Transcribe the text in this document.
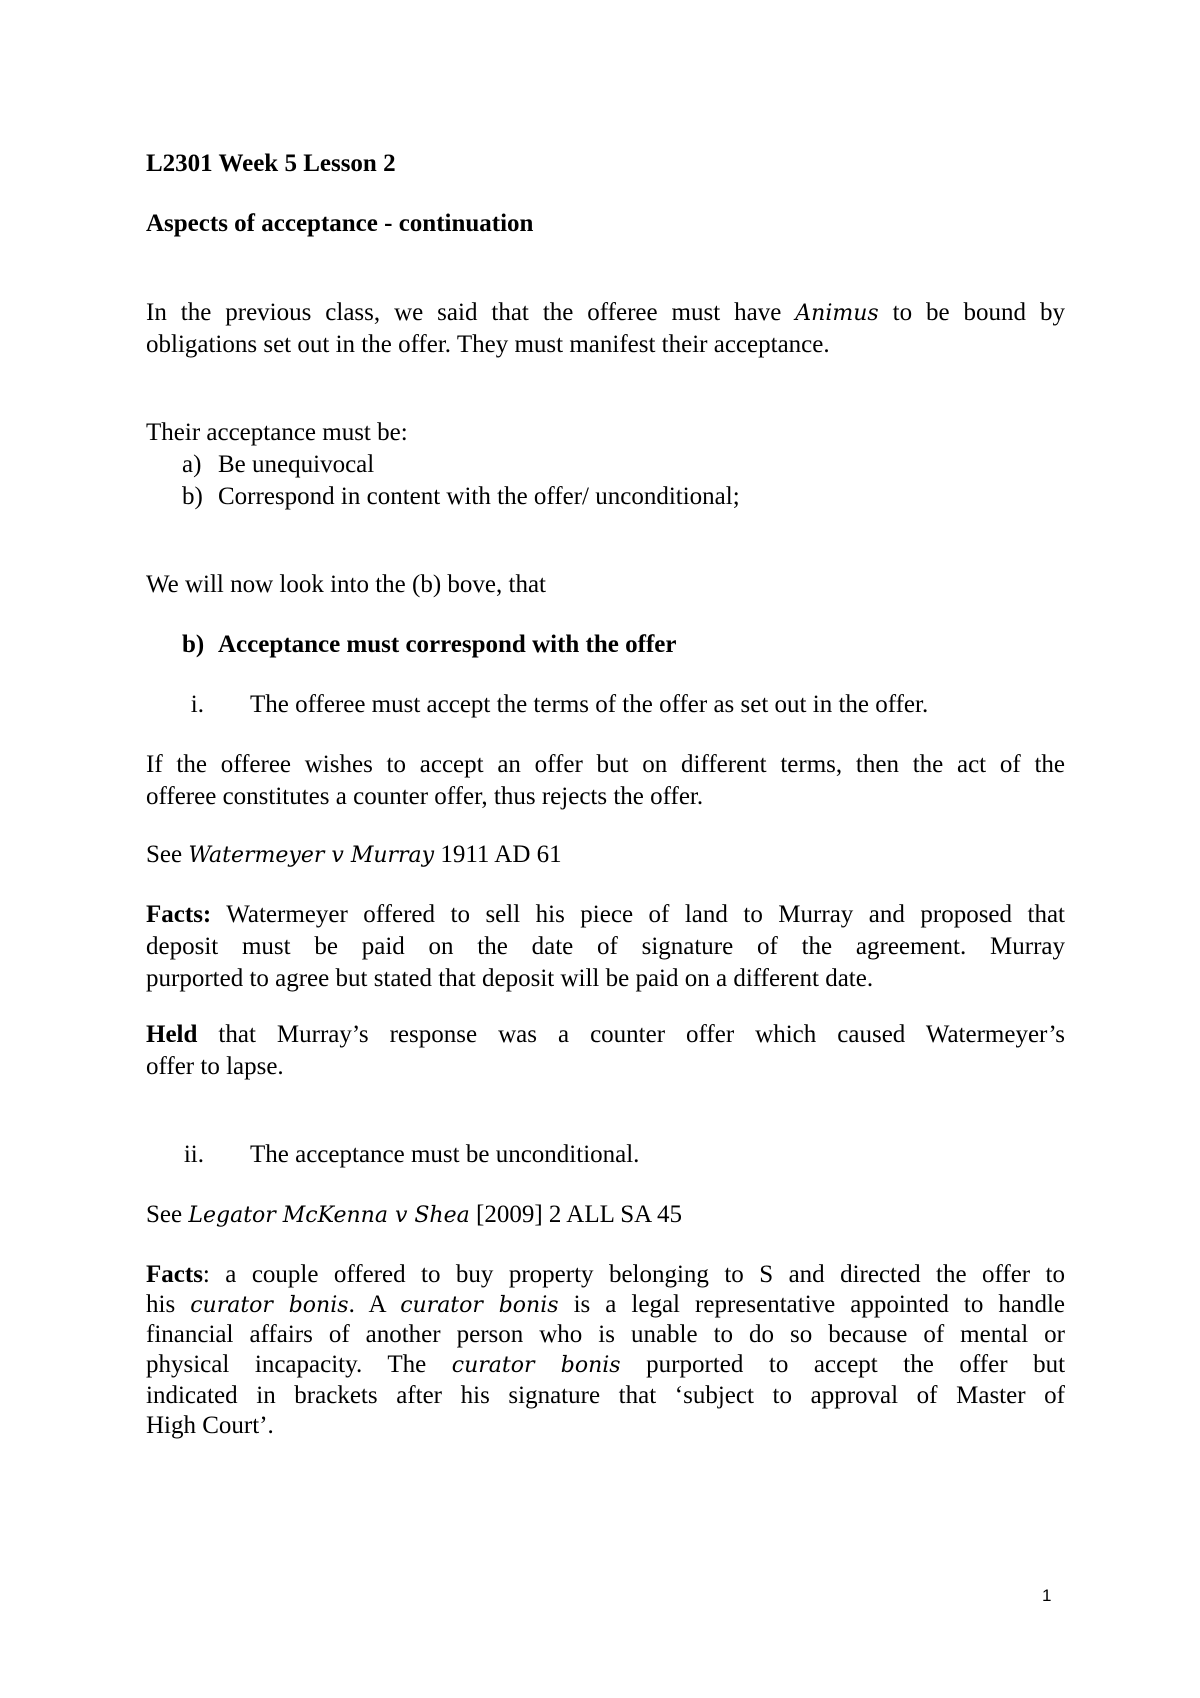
L2301 Week 5 Lesson 2
Aspects of acceptance - continuation
In the previous class, we said that the offeree must have Animus to be bound by
obligations set out in the offer. They must manifest their acceptance.
Their acceptance must be:
a) Be unequivocal
b) Correspond in content with the offer/ unconditional;
We will now look into the (b) bove, that
b) Acceptance must correspond with the offer
i. The offeree must accept the terms of the offer as set out in the offer.
If the offeree wishes to accept an offer but on different terms, then the act of the
offeree constitutes a counter offer, thus rejects the offer.
See Watermeyer v Murray 1911 AD 61
Facts: Watermeyer offered to sell his piece of land to Murray and proposed that
deposit must be paid on the date of signature of the agreement. Murray
purported to agree but stated that deposit will be paid on a different date.
Held that Murray’s response was a counter offer which caused Watermeyer’s
offer to lapse.
ii. The acceptance must be unconditional.
See Legator McKenna v Shea [2009] 2 ALL SA 45
Facts: a couple offered to buy property belonging to S and directed the offer to
his curator bonis. A curator bonis is a legal representative appointed to handle
financial affairs of another person who is unable to do so because of mental or
physical incapacity. The curator bonis purported to accept the offer but
indicated in brackets after his signature that ‘subject to approval of Master of
High Court’.
1
